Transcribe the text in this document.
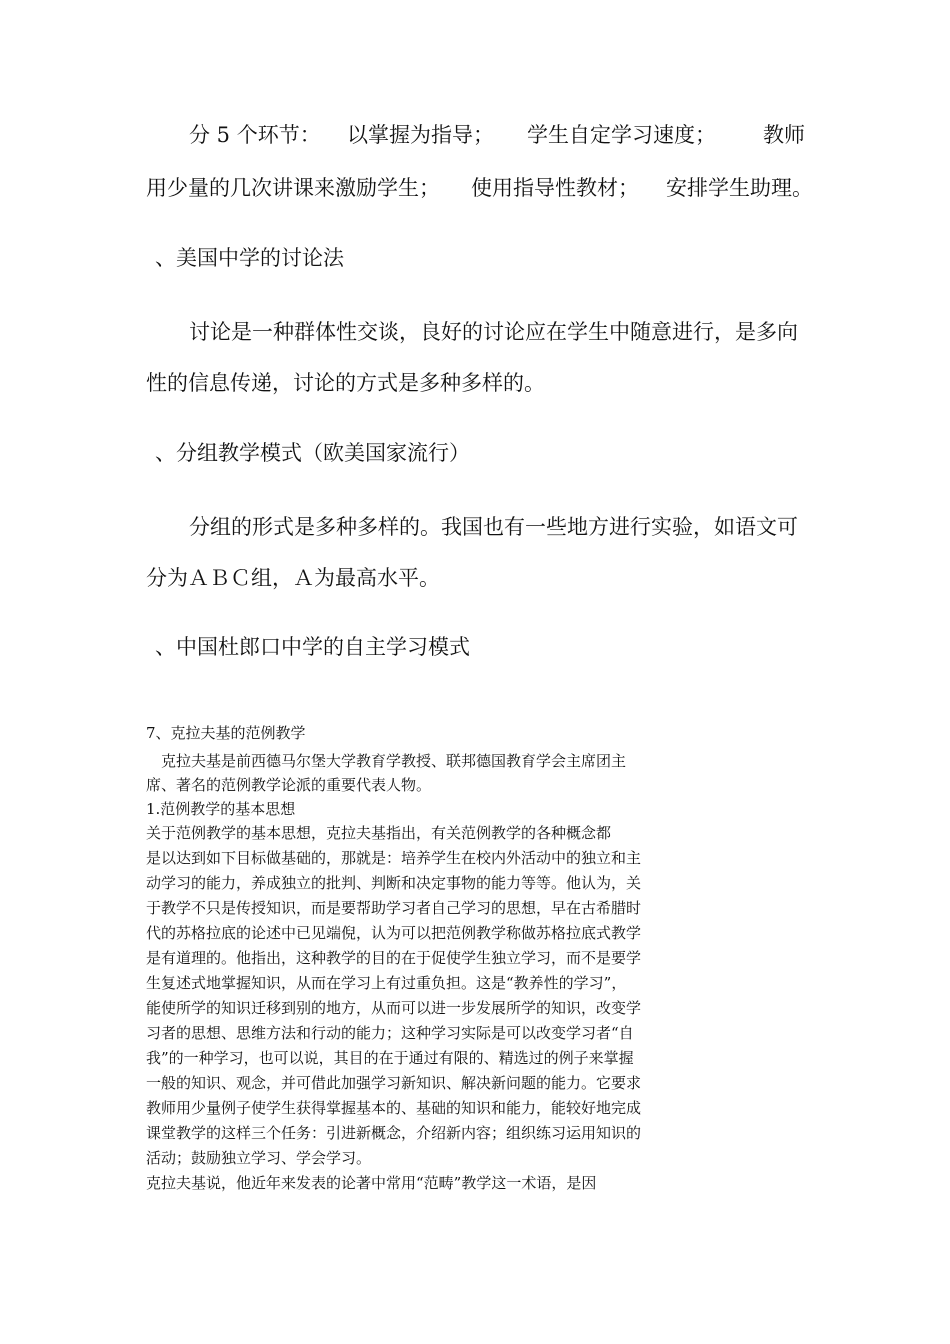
分 5 个环节： 以掌握为指导； 学生自定学习速度； 教师
用少量的几次讲课来激励学生； 使用指导性教材； 安排学生助理。

、美国中学的讨论法

讨论是一种群体性交谈，良好的讨论应在学生中随意进行，是多向

性的信息传递，讨论的方式是多种多样的。

、分组教学模式（欧美国家流行）

分组的形式是多种多样的。我国也有一些地方进行实验，如语文可

分为ＡＢＣ组，Ａ为最高水平。

、中国杜郎口中学的自主学习模式

7、克拉夫基的范例教学

克拉夫基是前西德马尔堡大学教育学教授、联邦德国教育学会主席团主

席、著名的范例教学论派的重要代表人物。

1.范例教学的基本思想

关于范例教学的基本思想，克拉夫基指出，有关范例教学的各种概念都

是以达到如下目标做基础的，那就是：培养学生在校内外活动中的独立和主

动学习的能力，养成独立的批判、判断和决定事物的能力等等。他认为，关

于教学不只是传授知识，而是要帮助学习者自己学习的思想，早在古希腊时

代的苏格拉底的论述中已见端倪，认为可以把范例教学称做苏格拉底式教学

是有道理的。他指出，这种教学的目的在于促使学生独立学习，而不是要学

生复述式地掌握知识，从而在学习上有过重负担。这是“教养性的学习”，

能使所学的知识迁移到别的地方，从而可以进一步发展所学的知识，改变学

习者的思想、思维方法和行动的能力；这种学习实际是可以改变学习者“自

我”的一种学习，也可以说，其目的在于通过有限的、精选过的例子来掌握

一般的知识、观念，并可借此加强学习新知识、解决新问题的能力。它要求

教师用少量例子使学生获得掌握基本的、基础的知识和能力，能较好地完成

课堂教学的这样三个任务：引进新概念，介绍新内容；组织练习运用知识的

活动；鼓励独立学习、学会学习。

克拉夫基说，他近年来发表的论著中常用“范畴”教学这一术语，是因
